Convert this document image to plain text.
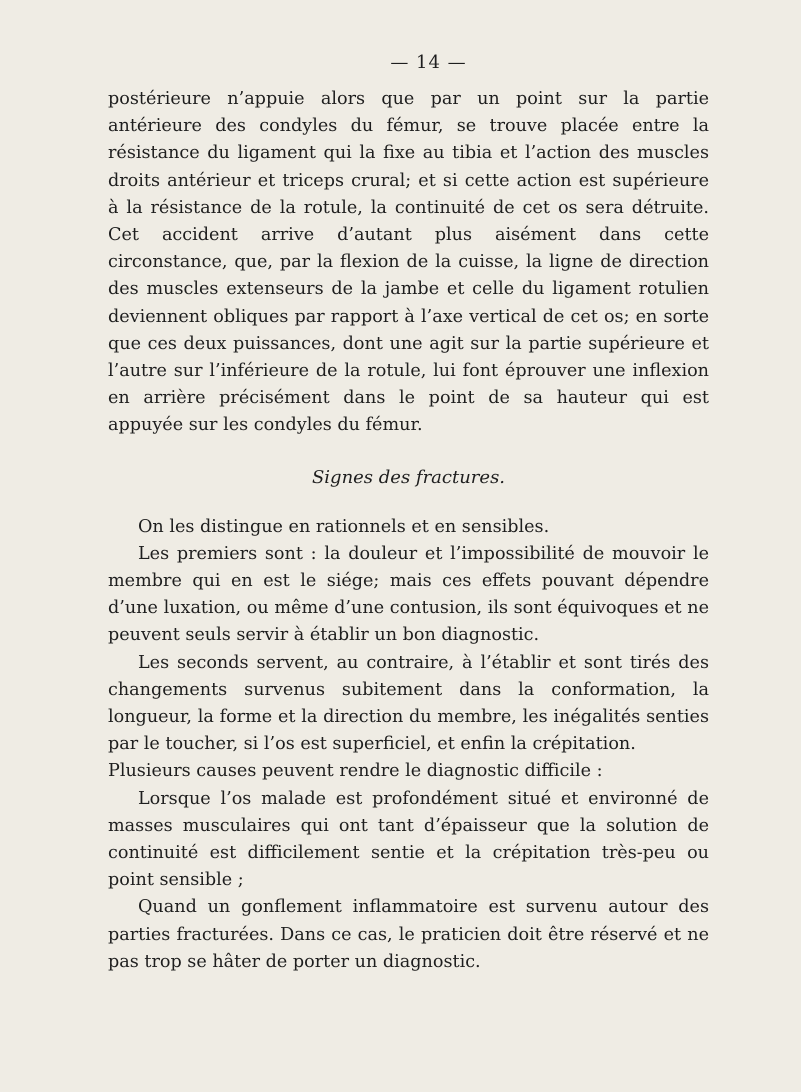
— 14 —

postérieure n’appuie alors que par un point sur la partie antérieure des condyles du fémur, se trouve placée entre la résistance du ligament qui la fixe au tibia et l’action des muscles droits antérieur et triceps crural; et si cette action est supérieure à la résistance de la rotule, la continuité de cet os sera détruite. Cet accident arrive d’autant plus aisément dans cette circonstance, que, par la flexion de la cuisse, la ligne de direction des muscles extenseurs de la jambe et celle du ligament rotulien deviennent obliques par rapport à l’axe vertical de cet os; en sorte que ces deux puissances, dont une agit sur la partie supérieure et l’autre sur l’inférieure de la rotule, lui font éprouver une inflexion en arrière précisément dans le point de sa hauteur qui est appuyée sur les condyles du fémur.

Signes des fractures.

On les distingue en rationnels et en sensibles.

Les premiers sont : la douleur et l’impossibilité de mouvoir le membre qui en est le siége; mais ces effets pouvant dépendre d’une luxation, ou même d’une contusion, ils sont équivoques et ne peuvent seuls servir à établir un bon diagnostic.

Les seconds servent, au contraire, à l’établir et sont tirés des changements survenus subitement dans la conformation, la longueur, la forme et la direction du membre, les inégalités senties par le toucher, si l’os est superficiel, et enfin la crépitation.

Plusieurs causes peuvent rendre le diagnostic difficile :

Lorsque l’os malade est profondément situé et environné de masses musculaires qui ont tant d’épaisseur que la solution de continuité est difficilement sentie et la crépitation très-peu ou point sensible ;

Quand un gonflement inflammatoire est survenu autour des parties fracturées. Dans ce cas, le praticien doit être réservé et ne pas trop se hâter de porter un diagnostic.
